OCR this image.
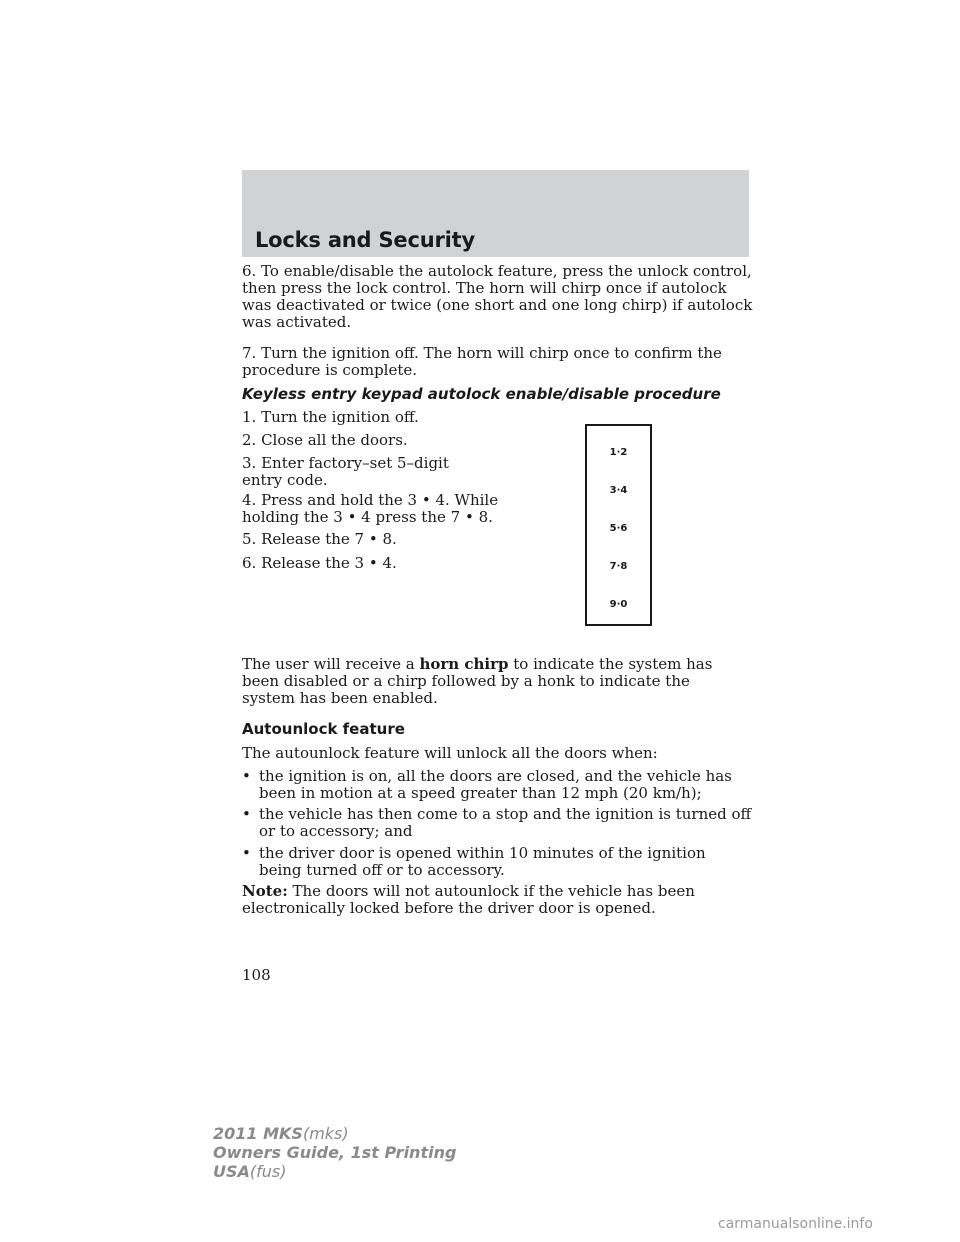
Locks and Security

6. To enable/disable the autolock feature, press the unlock control, then press the lock control. The horn will chirp once if autolock was deactivated or twice (one short and one long chirp) if autolock was activated.

7. Turn the ignition off. The horn will chirp once to confirm the procedure is complete.

Keyless entry keypad autolock enable/disable procedure

1. Turn the ignition off.

2. Close all the doors.

3. Enter factory–set 5–digit entry code.

4. Press and hold the 3 • 4. While holding the 3 • 4 press the 7 • 8.

5. Release the 7 • 8.

6. Release the 3 • 4.

1·2
3·4
5·6
7·8
9·0

The user will receive a horn chirp to indicate the system has been disabled or a chirp followed by a honk to indicate the system has been enabled.

Autounlock feature

The autounlock feature will unlock all the doors when:

• the ignition is on, all the doors are closed, and the vehicle has been in motion at a speed greater than 12 mph (20 km/h);
• the vehicle has then come to a stop and the ignition is turned off or to accessory; and
• the driver door is opened within 10 minutes of the ignition being turned off or to accessory.

Note: The doors will not autounlock if the vehicle has been electronically locked before the driver door is opened.

108
2011 MKS(mks)
Owners Guide, 1st Printing
USA(fus)
carmanualsonline.info
